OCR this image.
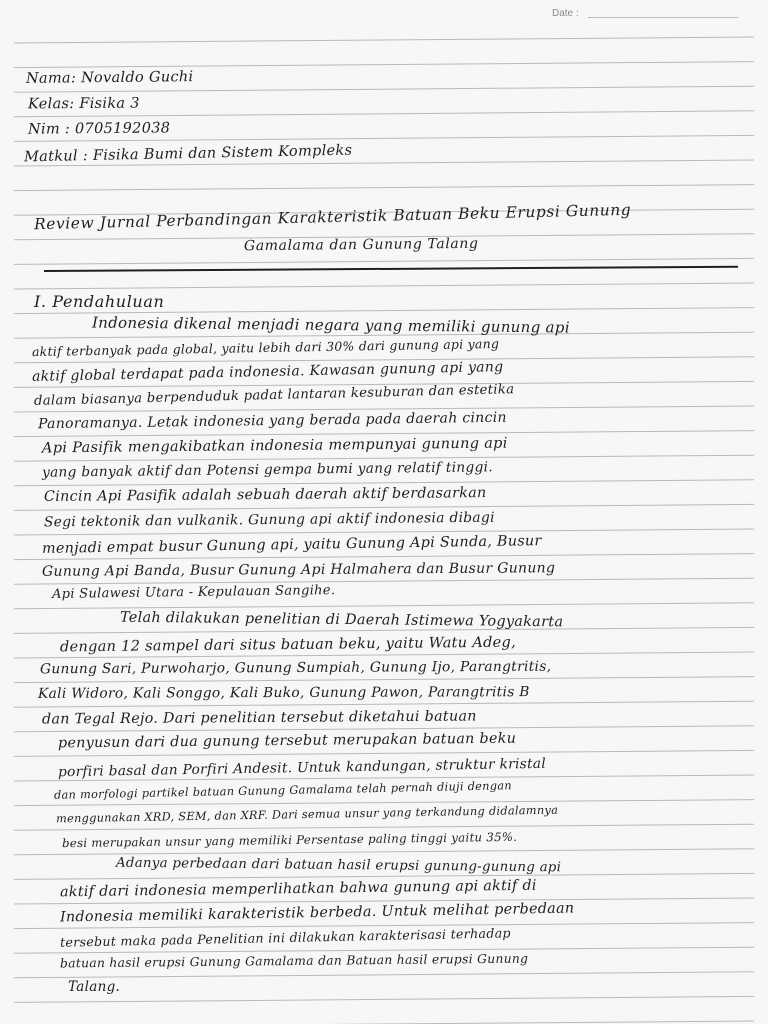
Date :
Nama: Novaldo Guchi
Kelas: Fisika 3
Nim : 0705192038
Matkul : Fisika Bumi dan Sistem Kompleks
Review Jurnal Perbandingan Karakteristik Batuan Beku Erupsi Gunung
Gamalama dan Gunung Talang
I. Pendahuluan
Indonesia dikenal menjadi negara yang memiliki gunung api
aktif terbanyak pada global, yaitu lebih dari 30% dari gunung api yang
aktif global terdapat pada indonesia. Kawasan gunung api yang
dalam biasanya berpenduduk padat lantaran kesuburan dan estetika
Panoramanya. Letak indonesia yang berada pada daerah cincin
Api Pasifik mengakibatkan indonesia mempunyai gunung api
yang banyak aktif dan Potensi gempa bumi yang relatif tinggi.
Cincin Api Pasifik adalah sebuah daerah aktif berdasarkan
Segi tektonik dan vulkanik. Gunung api aktif indonesia dibagi
menjadi empat busur Gunung api, yaitu Gunung Api Sunda, Busur
Gunung Api Banda, Busur Gunung Api Halmahera dan Busur Gunung
Api Sulawesi Utara - Kepulauan Sangihe.
Telah dilakukan penelitian di Daerah Istimewa Yogyakarta
dengan 12 sampel dari situs batuan beku, yaitu Watu Adeg,
Gunung Sari, Purwoharjo, Gunung Sumpiah, Gunung Ijo, Parangtritis,
Kali Widoro, Kali Songgo, Kali Buko, Gunung Pawon, Parangtritis B
dan Tegal Rejo. Dari penelitian tersebut diketahui batuan
penyusun dari dua gunung tersebut merupakan batuan beku
porfiri basal dan Porfiri Andesit. Untuk kandungan, struktur kristal
dan morfologi partikel batuan Gunung Gamalama telah pernah diuji dengan
menggunakan XRD, SEM, dan XRF. Dari semua unsur yang terkandung didalamnya
besi merupakan unsur yang memiliki Persentase paling tinggi yaitu 35%.
Adanya perbedaan dari batuan hasil erupsi gunung-gunung api
aktif dari indonesia memperlihatkan bahwa gunung api aktif di
Indonesia memiliki karakteristik berbeda. Untuk melihat perbedaan
tersebut maka pada Penelitian ini dilakukan karakterisasi terhadap
batuan hasil erupsi Gunung Gamalama dan Batuan hasil erupsi Gunung
Talang.
